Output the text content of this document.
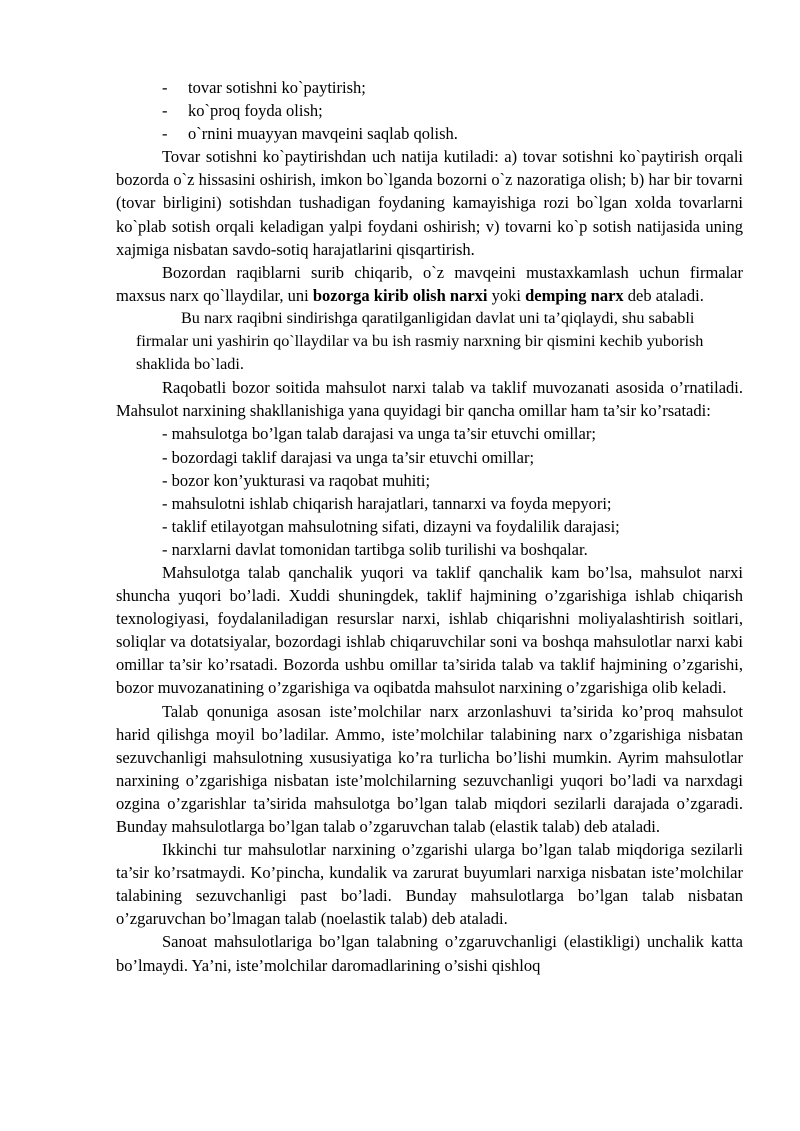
-	tovar sotishni ko`paytirish;
-	ko`proq foyda olish;
-	o`rnini muayyan mavqeini saqlab qolish.

Tovar sotishni ko`paytirishdan uch natija kutiladi: a) tovar sotishni ko`paytirish orqali bozorda o`z hissasini oshirish, imkon bo`lganda bozorni o`z nazoratiga olish; b) har bir tovarni (tovar birligini) sotishdan tushadigan foydaning kamayishiga rozi bo`lgan xolda tovarlarni ko`plab sotish orqali keladigan yalpi foydani oshirish; v) tovarni ko`p sotish natijasida uning xajmiga nisbatan savdo-sotiq harajatlarini qisqartirish.

Bozordan raqiblarni surib chiqarib, o`z mavqeini mustaxkamlash uchun firmalar maxsus narx qo`llaydilar, uni bozorga kirib olish narxi yoki demping narx deb ataladi.

Bu narx raqibni sindirishga qaratilganligidan davlat uni ta’qiqlaydi, shu sababli firmalar uni yashirin qo`llaydilar va bu ish rasmiy narxning bir qismini kechib yuborish shaklida bo`ladi.

Raqobatli bozor soitida mahsulot narxi talab va taklif muvozanati asosida o’rnatiladi. Mahsulot narxining shakllanishiga yana quyidagi bir qancha omillar ham ta’sir ko’rsatadi:

- mahsulotga bo’lgan talab darajasi va unga ta’sir etuvchi omillar;
- bozordagi taklif darajasi va unga ta’sir etuvchi omillar;
- bozor kon’yukturasi va raqobat muhiti;
- mahsulotni ishlab chiqarish harajatlari, tannarxi va foyda mepyori;
- taklif etilayotgan mahsulotning sifati, dizayni va foydalilik darajasi;
- narxlarni davlat tomonidan tartibga solib turilishi va boshqalar.

Mahsulotga talab qanchalik yuqori va taklif qanchalik kam bo’lsa, mahsulot narxi shuncha yuqori bo’ladi. Xuddi shuningdek, taklif hajmining o’zgarishiga ishlab chiqarish texnologiyasi, foydalaniladigan resurslar narxi, ishlab chiqarishni moliyalashtirish soitlari, soliqlar va dotatsiyalar, bozordagi ishlab chiqaruvchilar soni va boshqa mahsulotlar narxi kabi omillar ta’sir ko’rsatadi. Bozorda ushbu omillar ta’sirida talab va taklif hajmining o’zgarishi, bozor muvozanatining o’zgarishiga va oqibatda mahsulot narxining o’zgarishiga olib keladi.

Talab qonuniga asosan iste’molchilar narx arzonlashuvi ta’sirida ko’proq mahsulot harid qilishga moyil bo’ladilar. Ammo, iste’molchilar talabining narx o’zgarishiga nisbatan sezuvchanligi mahsulotning xususiyatiga ko’ra turlicha bo’lishi mumkin. Ayrim mahsulotlar narxining o’zgarishiga nisbatan iste’molchilarning sezuvchanligi yuqori bo’ladi va narxdagi ozgina o’zgarishlar ta’sirida mahsulotga bo’lgan talab miqdori sezilarli darajada o’zgaradi. Bunday mahsulotlarga bo’lgan talab o’zgaruvchan talab (elastik talab) deb ataladi.

Ikkinchi tur mahsulotlar narxining o’zgarishi ularga bo’lgan talab miqdoriga sezilarli ta’sir ko’rsatmaydi. Ko’pincha, kundalik va zarurat buyumlari narxiga nisbatan iste’molchilar talabining sezuvchanligi past bo’ladi. Bunday mahsulotlarga bo’lgan talab nisbatan o’zgaruvchan bo’lmagan talab (noelastik talab) deb ataladi.

Sanoat mahsulotlariga bo’lgan talabning o’zgaruvchanligi (elastikligi) unchalik katta bo’lmaydi. Ya’ni, iste’molchilar daromadlarining o’sishi qishloq
